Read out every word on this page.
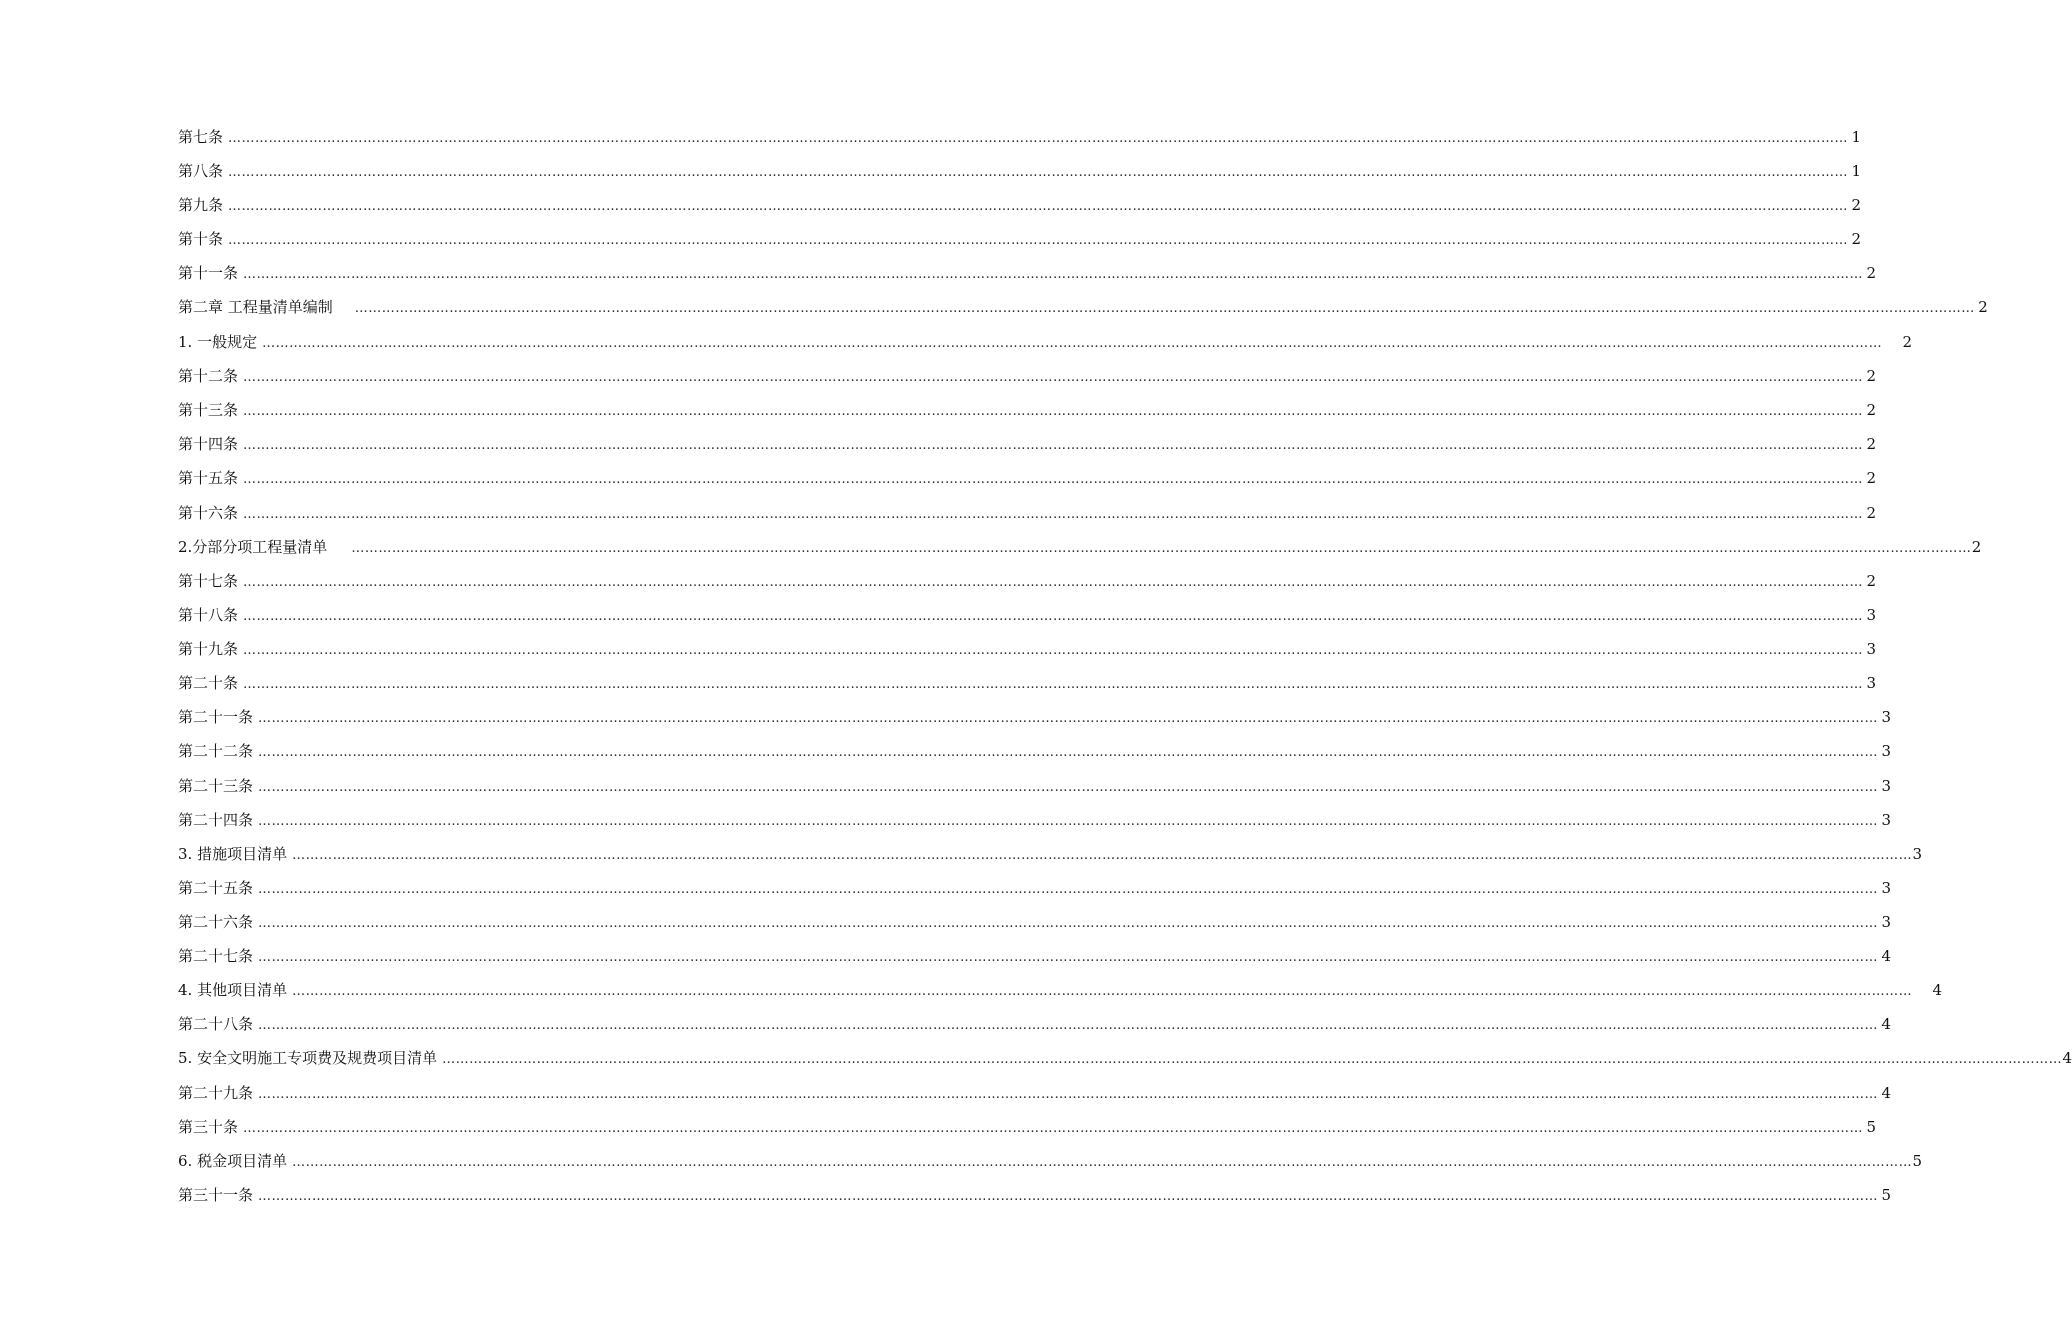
第七条 ……………………………………………………………………………………………………………………………………………………………………………………………………………………………………………………………………………………………………………………………… 1
第八条 ……………………………………………………………………………………………………………………………………………………………………………………………………………………………………………………………………………………………………………………………… 1
第九条 ……………………………………………………………………………………………………………………………………………………………………………………………………………………………………………………………………………………………………………………………… 2
第十条 ……………………………………………………………………………………………………………………………………………………………………………………………………………………………………………………………………………………………………………………………… 2
第十一条 ……………………………………………………………………………………………………………………………………………………………………………………………………………………………………………………………………………………………………………………………… 2
第二章 工程量清单编制 ……………………………………………………………………………………………………………………………………………………………………………………………………………………………………………………………………………………………………………………………… 2
1. 一般规定 ……………………………………………………………………………………………………………………………………………………………………………………………………………………………………………………………………………………………………………………………… 2
第十二条 ……………………………………………………………………………………………………………………………………………………………………………………………………………………………………………………………………………………………………………………………… 2
第十三条 ……………………………………………………………………………………………………………………………………………………………………………………………………………………………………………………………………………………………………………………………… 2
第十四条 ……………………………………………………………………………………………………………………………………………………………………………………………………………………………………………………………………………………………………………………………… 2
第十五条 ……………………………………………………………………………………………………………………………………………………………………………………………………………………………………………………………………………………………………………………………… 2
第十六条 ……………………………………………………………………………………………………………………………………………………………………………………………………………………………………………………………………………………………………………………………… 2
2.分部分项工程量清单 ……………………………………………………………………………………………………………………………………………………………………………………………………………………………………………………………………………………………………………………………… 2
第十七条 ……………………………………………………………………………………………………………………………………………………………………………………………………………………………………………………………………………………………………………………………… 2
第十八条 ……………………………………………………………………………………………………………………………………………………………………………………………………………………………………………………………………………………………………………………………… 3
第十九条 ……………………………………………………………………………………………………………………………………………………………………………………………………………………………………………………………………………………………………………………………… 3
第二十条 ……………………………………………………………………………………………………………………………………………………………………………………………………………………………………………………………………………………………………………………………… 3
第二十一条 ……………………………………………………………………………………………………………………………………………………………………………………………………………………………………………………………………………………………………………………………… 3
第二十二条 ……………………………………………………………………………………………………………………………………………………………………………………………………………………………………………………………………………………………………………………………… 3
第二十三条 ……………………………………………………………………………………………………………………………………………………………………………………………………………………………………………………………………………………………………………………………… 3
第二十四条 ……………………………………………………………………………………………………………………………………………………………………………………………………………………………………………………………………………………………………………………………… 3
3. 措施项目清单 ……………………………………………………………………………………………………………………………………………………………………………………………………………………………………………………………………………………………………………………………… 3
第二十五条 ……………………………………………………………………………………………………………………………………………………………………………………………………………………………………………………………………………………………………………………………… 3
第二十六条 ……………………………………………………………………………………………………………………………………………………………………………………………………………………………………………………………………………………………………………………………… 3
第二十七条 ……………………………………………………………………………………………………………………………………………………………………………………………………………………………………………………………………………………………………………………………… 4
4. 其他项目清单 ……………………………………………………………………………………………………………………………………………………………………………………………………………………………………………………………………………………………………………………………… 4
第二十八条 ……………………………………………………………………………………………………………………………………………………………………………………………………………………………………………………………………………………………………………………………… 4
5. 安全文明施工专项费及规费项目清单 ……………………………………………………………………………………………………………………………………………………………………………………………………………………………………………………………………………………………………………………………… 4
第二十九条 ……………………………………………………………………………………………………………………………………………………………………………………………………………………………………………………………………………………………………………………………… 4
第三十条 ……………………………………………………………………………………………………………………………………………………………………………………………………………………………………………………………………………………………………………………………… 5
6. 税金项目清单 ……………………………………………………………………………………………………………………………………………………………………………………………………………………………………………………………………………………………………………………………… 5
第三十一条 ……………………………………………………………………………………………………………………………………………………………………………………………………………………………………………………………………………………………………………………………… 5
